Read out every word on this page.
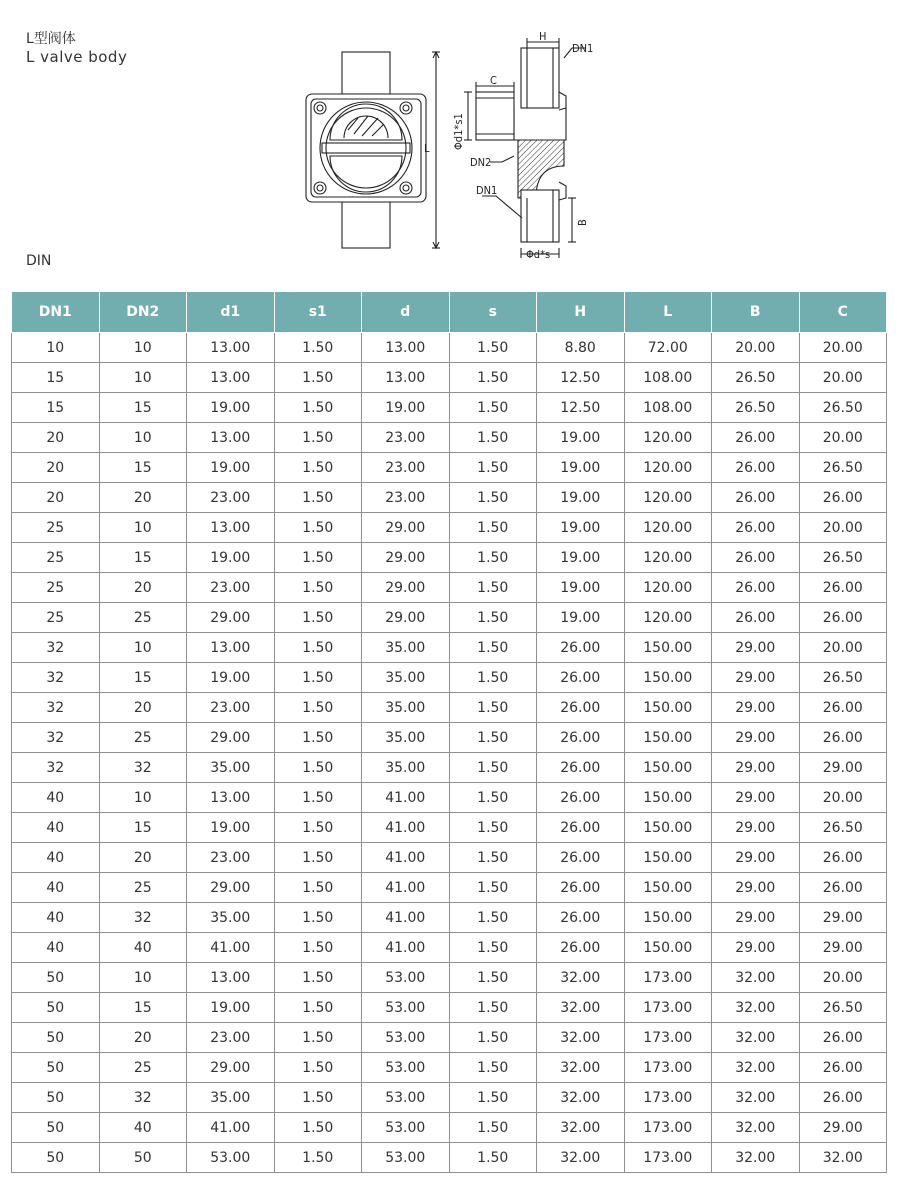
L型阀体
L valve body
L
H
DN1
C
Φd1*s1
DN2
DN1
B
Φd*s
DIN
DN1	DN2	d1	s1	d	s	H	L	B	C
10	10	13.00	1.50	13.00	1.50	8.80	72.00	20.00	20.00
15	10	13.00	1.50	13.00	1.50	12.50	108.00	26.50	20.00
15	15	19.00	1.50	19.00	1.50	12.50	108.00	26.50	26.50
20	10	13.00	1.50	23.00	1.50	19.00	120.00	26.00	20.00
20	15	19.00	1.50	23.00	1.50	19.00	120.00	26.00	26.50
20	20	23.00	1.50	23.00	1.50	19.00	120.00	26.00	26.00
25	10	13.00	1.50	29.00	1.50	19.00	120.00	26.00	20.00
25	15	19.00	1.50	29.00	1.50	19.00	120.00	26.00	26.50
25	20	23.00	1.50	29.00	1.50	19.00	120.00	26.00	26.00
25	25	29.00	1.50	29.00	1.50	19.00	120.00	26.00	26.00
32	10	13.00	1.50	35.00	1.50	26.00	150.00	29.00	20.00
32	15	19.00	1.50	35.00	1.50	26.00	150.00	29.00	26.50
32	20	23.00	1.50	35.00	1.50	26.00	150.00	29.00	26.00
32	25	29.00	1.50	35.00	1.50	26.00	150.00	29.00	26.00
32	32	35.00	1.50	35.00	1.50	26.00	150.00	29.00	29.00
40	10	13.00	1.50	41.00	1.50	26.00	150.00	29.00	20.00
40	15	19.00	1.50	41.00	1.50	26.00	150.00	29.00	26.50
40	20	23.00	1.50	41.00	1.50	26.00	150.00	29.00	26.00
40	25	29.00	1.50	41.00	1.50	26.00	150.00	29.00	26.00
40	32	35.00	1.50	41.00	1.50	26.00	150.00	29.00	29.00
40	40	41.00	1.50	41.00	1.50	26.00	150.00	29.00	29.00
50	10	13.00	1.50	53.00	1.50	32.00	173.00	32.00	20.00
50	15	19.00	1.50	53.00	1.50	32.00	173.00	32.00	26.50
50	20	23.00	1.50	53.00	1.50	32.00	173.00	32.00	26.00
50	25	29.00	1.50	53.00	1.50	32.00	173.00	32.00	26.00
50	32	35.00	1.50	53.00	1.50	32.00	173.00	32.00	26.00
50	40	41.00	1.50	53.00	1.50	32.00	173.00	32.00	29.00
50	50	53.00	1.50	53.00	1.50	32.00	173.00	32.00	32.00
